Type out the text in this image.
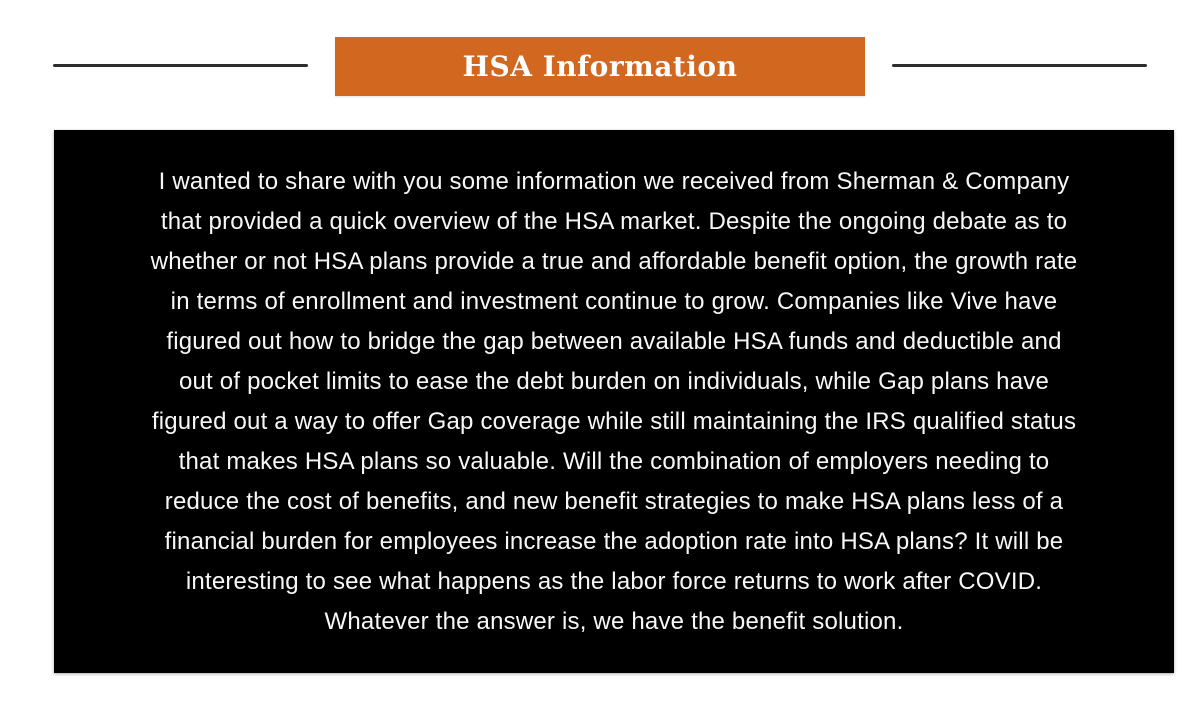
HSA Information
I wanted to share with you some information we received from Sherman & Company
that provided a quick overview of the HSA market. Despite the ongoing debate as to
whether or not HSA plans provide a true and affordable benefit option, the growth rate
in terms of enrollment and investment continue to grow. Companies like Vive have
figured out how to bridge the gap between available HSA funds and deductible and
out of pocket limits to ease the debt burden on individuals, while Gap plans have
figured out a way to offer Gap coverage while still maintaining the IRS qualified status
that makes HSA plans so valuable. Will the combination of employers needing to
reduce the cost of benefits, and new benefit strategies to make HSA plans less of a
financial burden for employees increase the adoption rate into HSA plans? It will be
interesting to see what happens as the labor force returns to work after COVID.
Whatever the answer is, we have the benefit solution.
